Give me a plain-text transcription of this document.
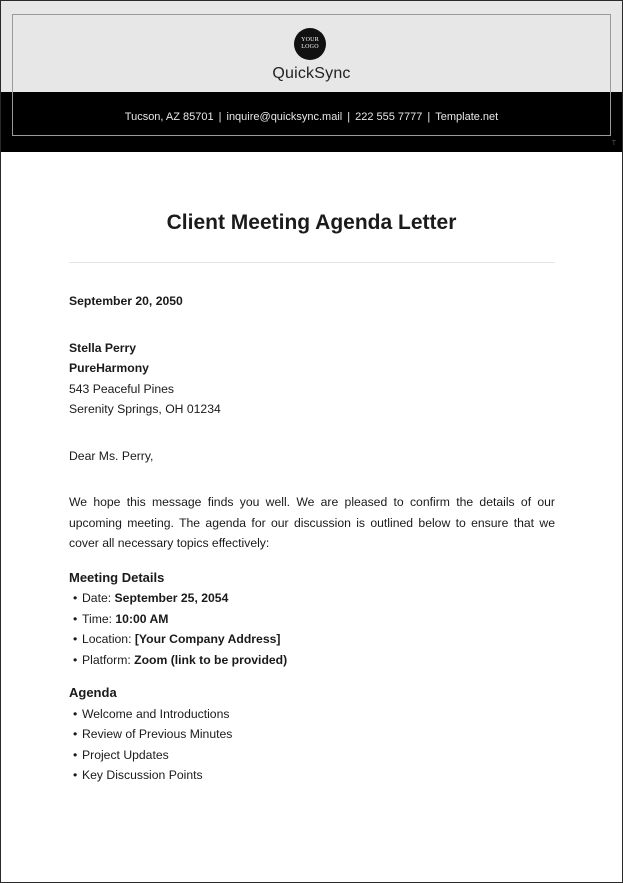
YOUR
LOGO
QuickSync
Tucson, AZ 85701 | inquire@quicksync.mail | 222 555 7777 | Template.net
T
Client Meeting Agenda Letter

September 20, 2050

Stella Perry

PureHarmony

543 Peaceful Pines

Serenity Springs, OH 01234

Dear Ms. Perry,

We hope this message finds you well. We are pleased to confirm the details of our upcoming meeting. The agenda for our discussion is outlined below to ensure that we cover all necessary topics effectively:

Meeting Details

• Date: September 25, 2054
• Time: 10:00 AM
• Location: [Your Company Address]
• Platform: Zoom (link to be provided)

Agenda

• Welcome and Introductions
• Review of Previous Minutes
• Project Updates
• Key Discussion Points
